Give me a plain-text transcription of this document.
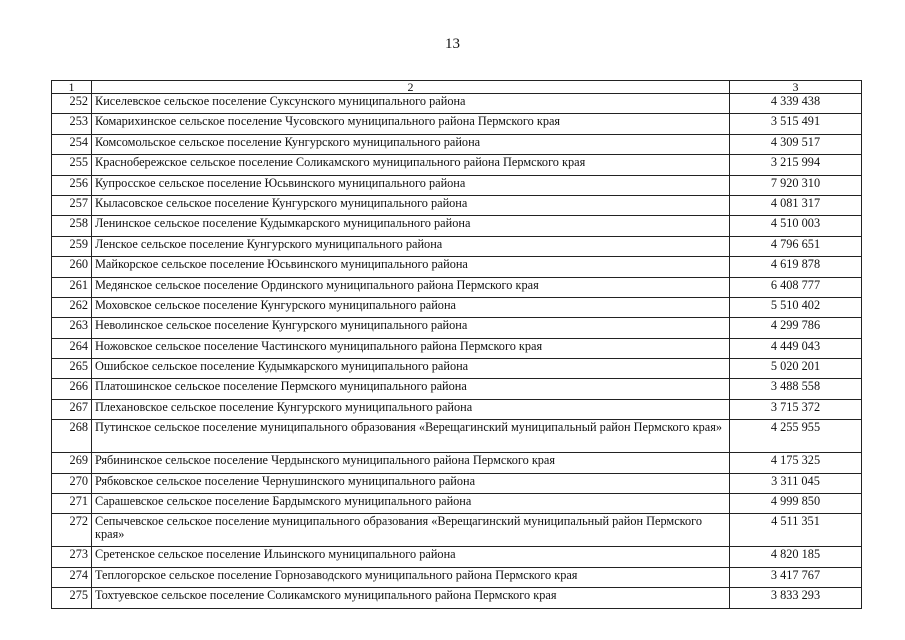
13
1	2	3
252	Киселевское сельское поселение Суксунского муниципального района	4 339 438
253	Комарихинское сельское поселение Чусовского муниципального района Пермского края	3 515 491
254	Комсомольское сельское поселение Кунгурского муниципального района	4 309 517
255	Краснобережское сельское поселение Соликамского муниципального района Пермского края	3 215 994
256	Купросское сельское поселение Юсьвинского муниципального района	7 920 310
257	Кыласовское сельское поселение Кунгурского муниципального района	4 081 317
258	Ленинское сельское поселение Кудымкарского муниципального района	4 510 003
259	Ленское сельское поселение Кунгурского муниципального района	4 796 651
260	Майкорское сельское поселение Юсьвинского муниципального района	4 619 878
261	Медянское сельское поселение Ординского муниципального района Пермского края	6 408 777
262	Моховское сельское поселение Кунгурского муниципального района	5 510 402
263	Неволинское сельское поселение Кунгурского муниципального района	4 299 786
264	Ножовское сельское поселение Частинского муниципального района Пермского края	4 449 043
265	Ошибское сельское поселение Кудымкарского муниципального района	5 020 201
266	Платошинское сельское поселение Пермского муниципального района	3 488 558
267	Плехановское сельское поселение Кунгурского муниципального района	3 715 372
268	Путинское сельское поселение муниципального образования «Верещагинский муниципальный район Пермского края»	4 255 955
269	Рябининское сельское поселение Чердынского муниципального района Пермского края	4 175 325
270	Рябковское сельское поселение Чернушинского муниципального района	3 311 045
271	Сарашевское сельское поселение Бардымского муниципального района	4 999 850
272	Сепычевское сельское поселение муниципального образования «Верещагинский муниципальный район Пермского края»	4 511 351
273	Сретенское сельское поселение Ильинского муниципального района	4 820 185
274	Теплогорское сельское поселение Горнозаводского муниципального района Пермского края	3 417 767
275	Тохтуевское сельское поселение Соликамского муниципального района Пермского края	3 833 293
